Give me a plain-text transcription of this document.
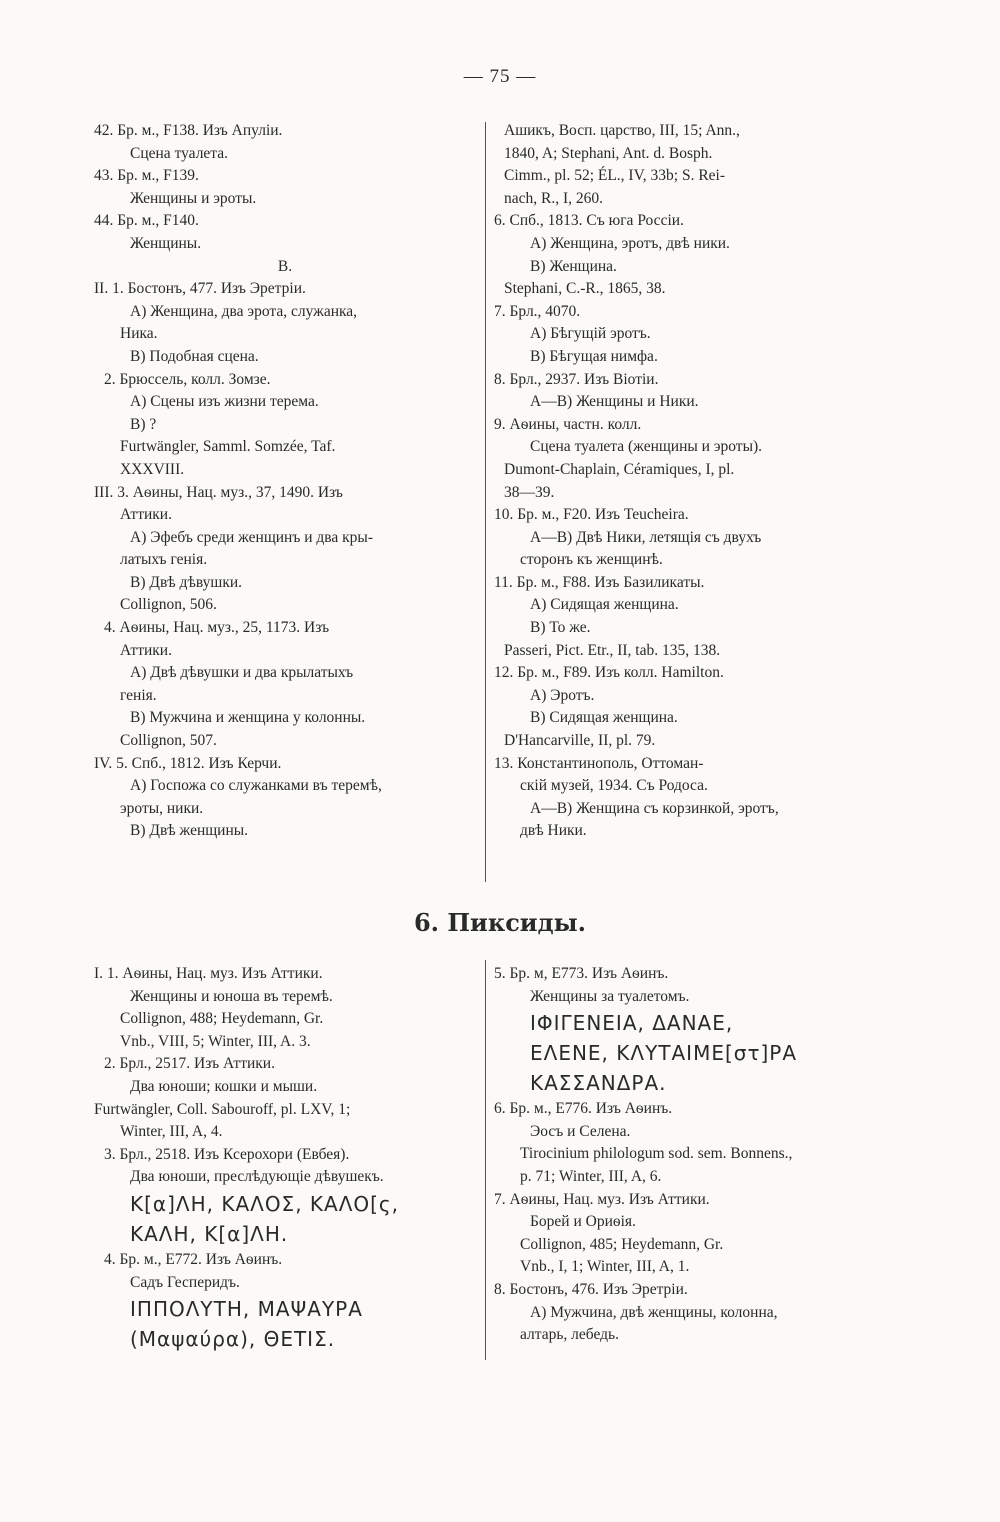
— 75 —
42. Бр. м., F138. Изъ Апуліи.
Сцена туалета.
43. Бр. м., F139.
Женщины и эроты.
44. Бр. м., F140.
Женщины.
B.
II. 1. Бостонъ, 477. Изъ Эретріи.
А) Женщина, два эрота, служанка,
Ника.
В) Подобная сцена.
2. Брюссель, колл. Зомзе.
А) Сцены изъ жизни терема.
В) ?
Furtwängler, Samml. Somzée, Taf.
XXXVIII.
III. 3. Аѳины, Нац. муз., 37, 1490. Изъ
Аттики.
А) Эфебъ среди женщинъ и два кры-
латыхъ генія.
В) Двѣ дѣвушки.
Collignon, 506.
4. Аѳины, Нац. муз., 25, 1173. Изъ
Аттики.
А) Двѣ дѣвушки и два крылатыхъ
генія.
В) Мужчина и женщина у колонны.
Collignon, 507.
IV. 5. Спб., 1812. Изъ Керчи.
А) Госпожа со служанками въ теремѣ,
эроты, ники.
В) Двѣ женщины.
Ашикъ, Восп. царство, III, 15; Ann.,
1840, A; Stephani, Ant. d. Bosph.
Cimm., pl. 52; ÉL., IV, 33b; S. Rei-
nach, R., I, 260.
6. Спб., 1813. Съ юга Россіи.
А) Женщина, эротъ, двѣ ники.
В) Женщина.
Stephani, C.-R., 1865, 38.
7. Брл., 4070.
А) Бѣгущій эротъ.
В) Бѣгущая нимфа.
8. Брл., 2937. Изъ Віотіи.
А—В) Женщины и Ники.
9. Аѳины, частн. колл.
Сцена туалета (женщины и эроты).
Dumont-Chaplain, Céramiques, I, pl.
38—39.
10. Бр. м., F20. Изъ Teucheira.
А—В) Двѣ Ники, летящія съ двухъ
сторонъ къ женщинѣ.
11. Бр. м., F88. Изъ Базиликаты.
А) Сидящая женщина.
В) То же.
Passeri, Pict. Etr., II, tab. 135, 138.
12. Бр. м., F89. Изъ колл. Hamilton.
А) Эротъ.
В) Сидящая женщина.
D'Hancarville, II, pl. 79.
13. Константинополь, Оттоман-
скій музей, 1934. Съ Родоса.
А—В) Женщина съ корзинкой, эротъ,
двѣ Ники.
6. Пиксиды.
I. 1. Аѳины, Нац. муз. Изъ Аттики.
Женщины и юноша въ теремѣ.
Collignon, 488; Heydemann, Gr.
Vnb., VIII, 5; Winter, III, A. 3.
2. Брл., 2517. Изъ Аттики.
Два юноши; кошки и мыши.
Furtwängler, Coll. Sabouroff, pl. LXV, 1;
Winter, III, A, 4.
3. Брл., 2518. Изъ Ксерохори (Евбея).
Два юноши, преслѣдующіе дѣвушекъ.
Κ[α]ΛΗ, ΚΑΛΟΣ, ΚΑΛΟ[ς,
ΚΑΛΗ, Κ[α]ΛΗ.
4. Бр. м., E772. Изъ Аѳинъ.
Садъ Гесперидъ.
ΙΠΠΟΛΥΤΗ, ΜΑΨΑΥΡΑ
(Μαψαύρα), ΘΕΤΙΣ.
5. Бр. м, E773. Изъ Аѳинъ.
Женщины за туалетомъ.
ΙΦΙΓΕΝΕΙΑ, ΔΑΝΑΕ,
ΕΛΕΝΕ, ΚΛΥΤΑΙΜΕ[στ]ΡΑ
ΚΑΣΣΑΝΔΡΑ.
6. Бр. м., E776. Изъ Аѳинъ.
Эосъ и Селена.
Tirocinium philologum sod. sem. Bonnens.,
p. 71; Winter, III, A, 6.
7. Аѳины, Нац. муз. Изъ Аттики.
Борей и Ориѳія.
Collignon, 485; Heydemann, Gr.
Vnb., I, 1; Winter, III, A, 1.
8. Бостонъ, 476. Изъ Эретріи.
А) Мужчина, двѣ женщины, колонна,
алтарь, лебедь.
